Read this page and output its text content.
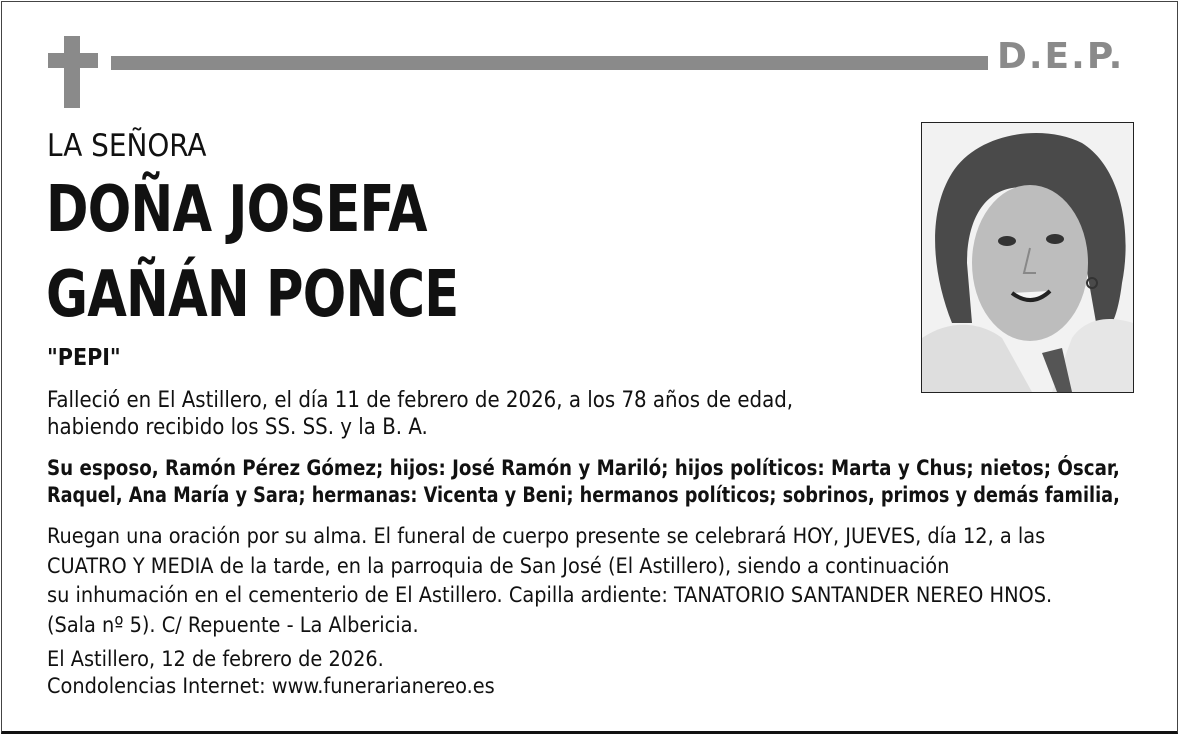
D.E.P.
LA SEÑORA
DOÑA JOSEFA
GAÑÁN PONCE
"PEPI"
Falleció en El Astillero, el día 11 de febrero de 2026, a los 78 años de edad,
habiendo recibido los SS. SS. y la B. A.
Su esposo, Ramón Pérez Gómez; hijos: José Ramón y Mariló; hijos políticos: Marta y Chus; nietos; Óscar,
Raquel, Ana María y Sara; hermanas: Vicenta y Beni; hermanos políticos; sobrinos, primos y demás familia,
Ruegan una oración por su alma. El funeral de cuerpo presente se celebrará HOY, JUEVES, día 12, a las
CUATRO Y MEDIA de la tarde, en la parroquia de San José (El Astillero), siendo a continuación
su inhumación en el cementerio de El Astillero. Capilla ardiente: TANATORIO SANTANDER NEREO HNOS.
(Sala nº 5). C/ Repuente - La Albericia.
El Astillero, 12 de febrero de 2026.
Condolencias Internet: www.funerarianereo.es
